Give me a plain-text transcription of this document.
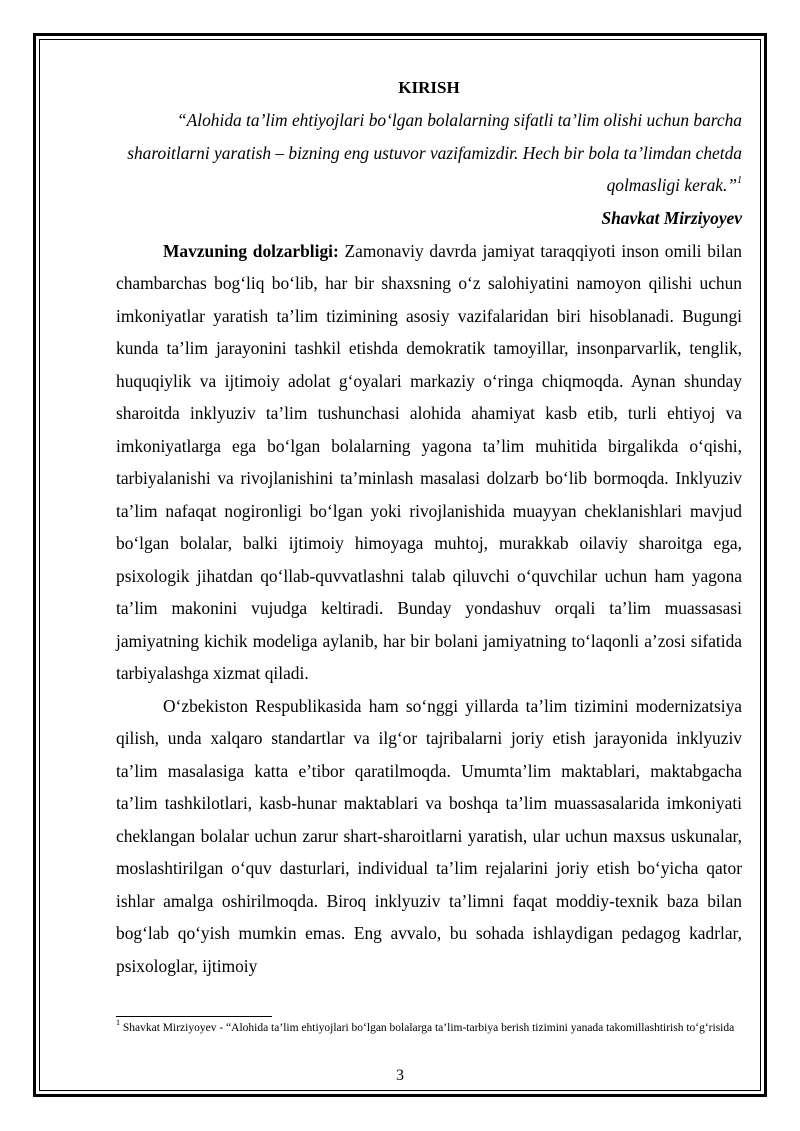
KIRISH
“Alohida ta’lim ehtiyojlari bo‘lgan bolalarning sifatli ta’lim olishi uchun barcha sharoitlarni yaratish – bizning eng ustuvor vazifamizdir. Hech bir bola ta’limdan chetda qolmasligi kerak.”$^1$
Shavkat Mirziyoyev

Mavzuning dolzarbligi: Zamonaviy davrda jamiyat taraqqiyoti inson omili bilan chambarchas bog‘liq bo‘lib, har bir shaxsning o‘z salohiyatini namoyon qilishi uchun imkoniyatlar yaratish ta’lim tizimining asosiy vazifalaridan biri hisoblanadi. Bugungi kunda ta’lim jarayonini tashkil etishda demokratik tamoyillar, insonparvarlik, tenglik, huquqiylik va ijtimoiy adolat g‘oyalari markaziy o‘ringa chiqmoqda. Aynan shunday sharoitda inklyuziv ta’lim tushunchasi alohida ahamiyat kasb etib, turli ehtiyoj va imkoniyatlarga ega bo‘lgan bolalarning yagona ta’lim muhitida birgalikda o‘qishi, tarbiyalanishi va rivojlanishini ta’minlash masalasi dolzarb bo‘lib bormoqda. Inklyuziv ta’lim nafaqat nogironligi bo‘lgan yoki rivojlanishida muayyan cheklanishlari mavjud bo‘lgan bolalar, balki ijtimoiy himoyaga muhtoj, murakkab oilaviy sharoitga ega, psixologik jihatdan qo‘llab-quvvatlashni talab qiluvchi o‘quvchilar uchun ham yagona ta’lim makonini vujudga keltiradi. Bunday yondashuv orqali ta’lim muassasasi jamiyatning kichik modeliga aylanib, har bir bolani jamiyatning to‘laqonli a’zosi sifatida tarbiyalashga xizmat qiladi.

O‘zbekiston Respublikasida ham so‘nggi yillarda ta’lim tizimini modernizatsiya qilish, unda xalqaro standartlar va ilg‘or tajribalarni joriy etish jarayonida inklyuziv ta’lim masalasiga katta e’tibor qaratilmoqda. Umumta’lim maktablari, maktabgacha ta’lim tashkilotlari, kasb-hunar maktablari va boshqa ta’lim muassasalarida imkoniyati cheklangan bolalar uchun zarur shart-sharoitlarni yaratish, ular uchun maxsus uskunalar, moslashtirilgan o‘quv dasturlari, individual ta’lim rejalarini joriy etish bo‘yicha qator ishlar amalga oshirilmoqda. Biroq inklyuziv ta’limni faqat moddiy-texnik baza bilan bog‘lab qo‘yish mumkin emas. Eng avvalo, bu sohada ishlaydigan pedagog kadrlar, psixologlar, ijtimoiy

$^1$ Shavkat Mirziyoyev - “Alohida ta’lim ehtiyojlari bo‘lgan bolalarga ta’lim-tarbiya berish tizimini yanada takomillashtirish to‘g‘risida
3
